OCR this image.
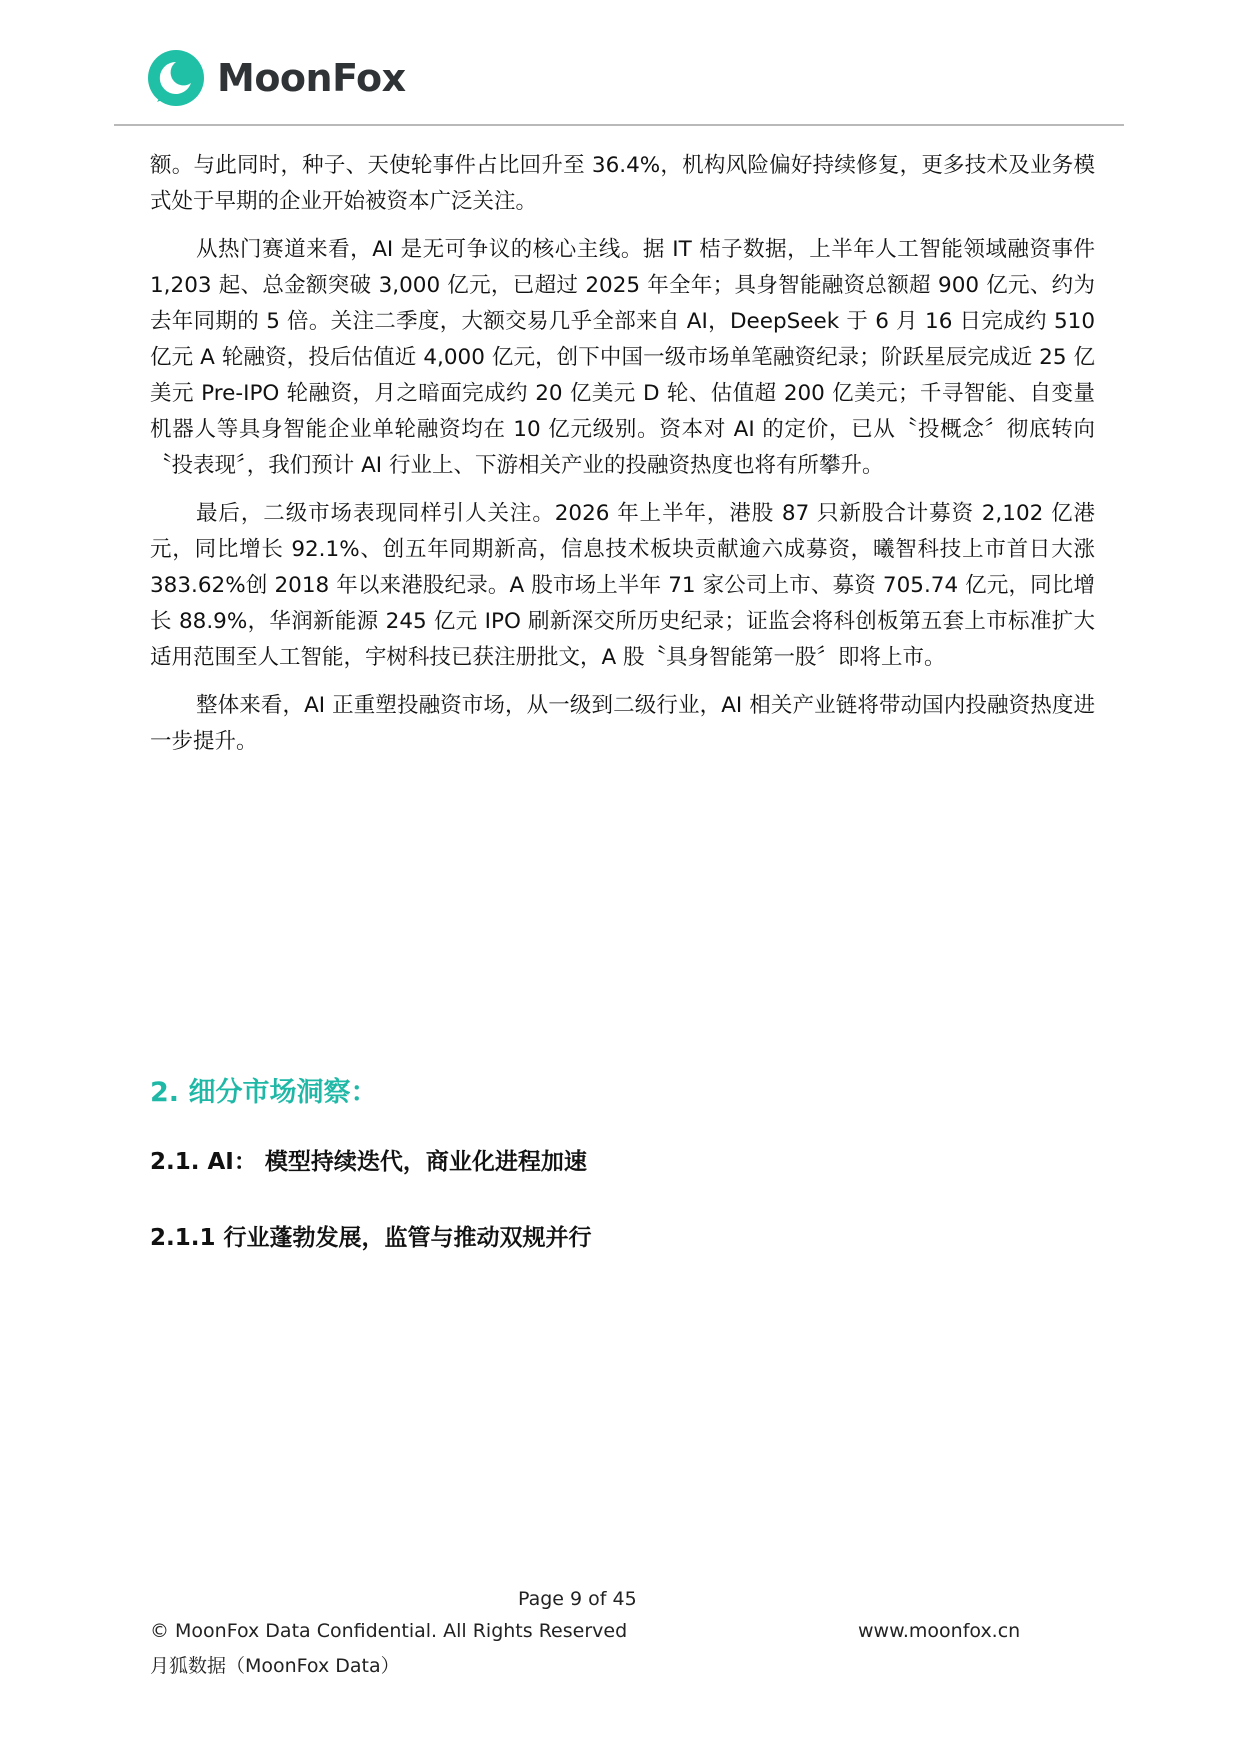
MoonFox

额。与此同时，种子、天使轮事件占比回升至 36.4%，机构风险偏好持续修复，更多技术及业务模式处于早期的企业开始被资本广泛关注。

从热门赛道来看，AI 是无可争议的核心主线。据 IT 桔子数据，上半年人工智能领域融资事件 1,203 起、总金额突破 3,000 亿元，已超过 2025 年全年；具身智能融资总额超 900 亿元、约为去年同期的 5 倍。关注二季度，大额交易几乎全部来自 AI，DeepSeek 于 6 月 16 日完成约 510 亿元 A 轮融资，投后估值近 4,000 亿元，创下中国一级市场单笔融资纪录；阶跃星辰完成近 25 亿美元 Pre-IPO 轮融资，月之暗面完成约 20 亿美元 D 轮、估值超 200 亿美元；千寻智能、自变量机器人等具身智能企业单轮融资均在 10 亿元级别。资本对 AI 的定价，已从〝投概念〞彻底转向〝投表现〞，我们预计 AI 行业上、下游相关产业的投融资热度也将有所攀升。

最后，二级市场表现同样引人关注。2026 年上半年，港股 87 只新股合计募资 2,102 亿港元，同比增长 92.1%、创五年同期新高，信息技术板块贡献逾六成募资，曦智科技上市首日大涨 383.62%创 2018 年以来港股纪录。A 股市场上半年 71 家公司上市、募资 705.74 亿元，同比增长 88.9%，华润新能源 245 亿元 IPO 刷新深交所历史纪录；证监会将科创板第五套上市标准扩大适用范围至人工智能，宇树科技已获注册批文，A 股〝具身智能第一股〞即将上市。

整体来看，AI 正重塑投融资市场，从一级到二级行业，AI 相关产业链将带动国内投融资热度进一步提升。

2. 细分市场洞察：
2.1. AI： 模型持续迭代，商业化进程加速
2.1.1 行业蓬勃发展，监管与推动双规并行
Page 9 of 45
© MoonFox Data Confidential. All Rights Reserved	www.moonfox.cn
月狐数据（MoonFox Data）
